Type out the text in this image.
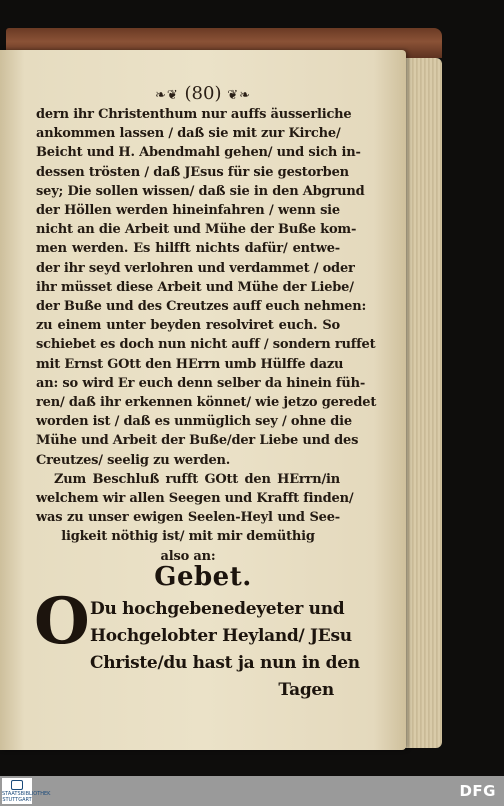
❧❦ (80) ❦❧
dern ihr Christenthum nur auffs äusserliche
ankommen lassen / daß sie mit zur Kirche/
Beicht und H. Abendmahl gehen/ und sich in-
dessen trösten / daß JEsus für sie gestorben
sey; Die sollen wissen/ daß sie in den Abgrund
der Höllen werden hineinfahren / wenn sie
nicht an die Arbeit und Mühe der Buße kom-
men werden. Es hilfft nichts dafür/ entwe-
der ihr seyd verlohren und verdammet / oder
ihr müsset diese Arbeit und Mühe der Liebe/
der Buße und des Creutzes auff euch nehmen:
zu einem unter beyden resolviret euch. So
schiebet es doch nun nicht auff / sondern ruffet
mit Ernst GOtt den HErrn umb Hülffe dazu
an: so wird Er euch denn selber da hinein füh-
ren/ daß ihr erkennen könnet/ wie jetzo geredet
worden ist / daß es unmüglich sey / ohne die
Mühe und Arbeit der Buße/der Liebe und des
Creutzes/ seelig zu werden.
Zum Beschluß rufft GOtt den HErrn/in
welchem wir allen Seegen und Krafft finden/
was zu unser ewigen Seelen-Heyl und See-
ligkeit nöthig ist/ mit mir demüthig
also an:
Gebet.
O Du hochgebenedeyeter und
Hochgelobter Heyland/ JEsu
Christe/du hast ja nun in den
Tagen
STAATSBIBLIOTHEK STUTTGART	DFG
